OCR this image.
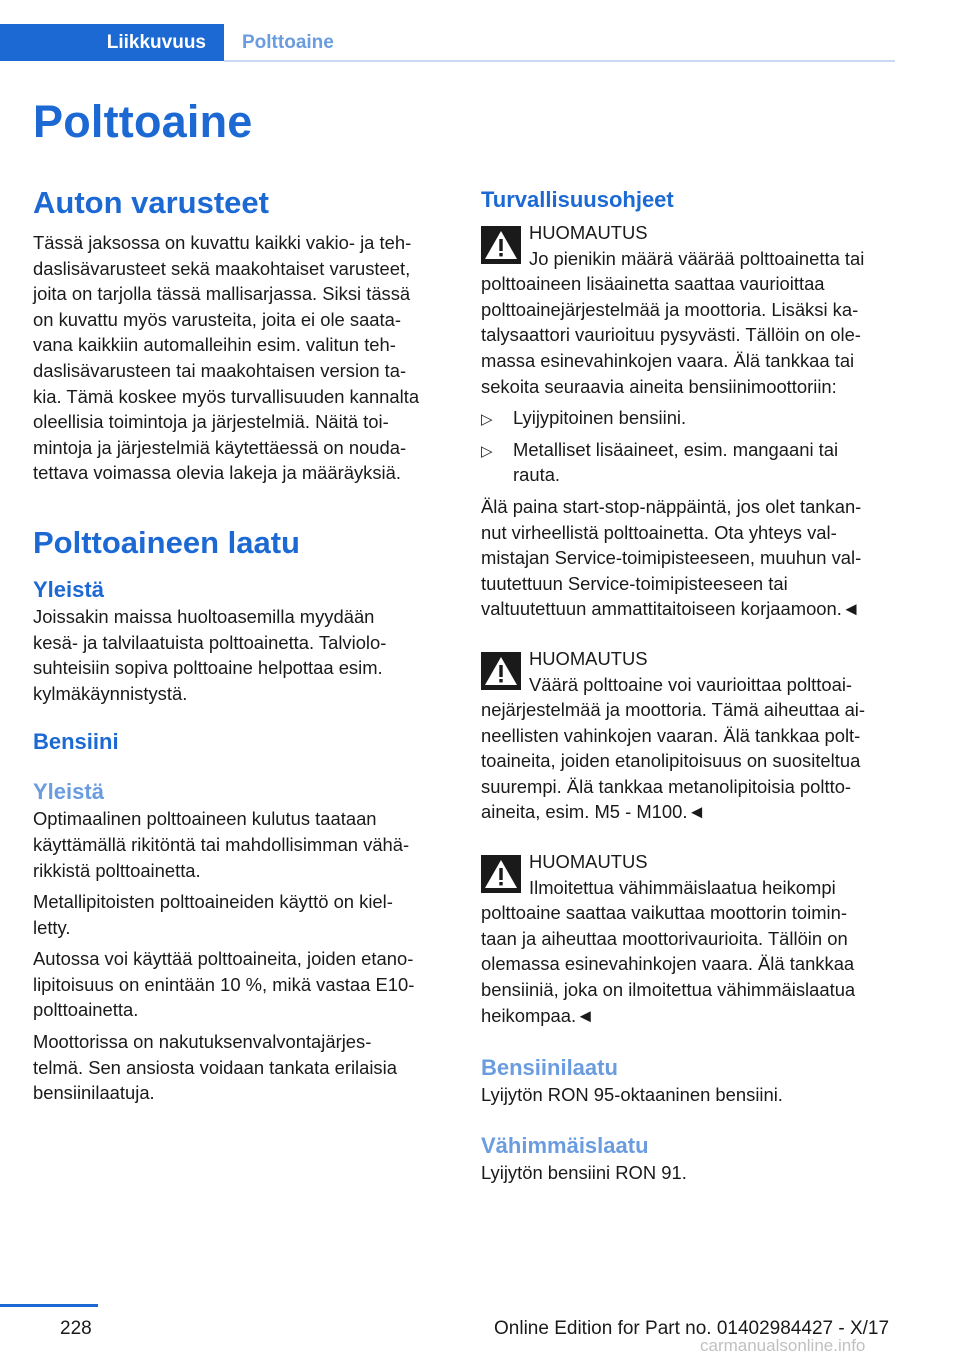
Liikkuvuus	Polttoaine
Polttoaine
Auton varusteet
Tässä jaksossa on kuvattu kaikki vakio- ja teh-
daslisävarusteet sekä maakohtaiset varusteet,
joita on tarjolla tässä mallisarjassa. Siksi tässä
on kuvattu myös varusteita, joita ei ole saata-
vana kaikkiin automalleihin esim. valitun teh-
daslisävarusteen tai maakohtaisen version ta-
kia. Tämä koskee myös turvallisuuden kannalta
oleellisia toimintoja ja järjestelmiä. Näitä toi-
mintoja ja järjestelmiä käytettäessä on nouda-
tettava voimassa olevia lakeja ja määräyksiä.
Polttoaineen laatu
Yleistä
Joissakin maissa huoltoasemilla myydään
kesä- ja talvilaatuista polttoainetta. Talviolo-
suhteisiin sopiva polttoaine helpottaa esim.
kylmäkäynnistystä.
Bensiini
Yleistä
Optimaalinen polttoaineen kulutus taataan
käyttämällä rikitöntä tai mahdollisimman vähä-
rikkistä polttoainetta.
Metallipitoisten polttoaineiden käyttö on kiel-
letty.
Autossa voi käyttää polttoaineita, joiden etano-
lipitoisuus on enintään 10 %, mikä vastaa E10-
polttoainetta.
Moottorissa on nakutuksenvalvontajärjes-
telmä. Sen ansiosta voidaan tankata erilaisia
bensiinilaatuja.
Turvallisuusohjeet
HUOMAUTUS
Jo pienikin määrä väärää polttoainetta tai
polttoaineen lisäainetta saattaa vaurioittaa
polttoainejärjestelmää ja moottoria. Lisäksi ka-
talysaattori vaurioituu pysyvästi. Tällöin on ole-
massa esinevahinkojen vaara. Älä tankkaa tai
sekoita seuraavia aineita bensiinimoottoriin:
▷ Lyijypitoinen bensiini.
▷ Metalliset lisäaineet, esim. mangaani tai
rauta.
Älä paina start-stop-näppäintä, jos olet tankan-
nut virheellistä polttoainetta. Ota yhteys val-
mistajan Service-toimipisteeseen, muuhun val-
tuutettuun Service-toimipisteeseen tai
valtuutettuun ammattitaitoiseen korjaamoon.◄
HUOMAUTUS
Väärä polttoaine voi vaurioittaa polttoai-
nejärjestelmää ja moottoria. Tämä aiheuttaa ai-
neellisten vahinkojen vaaran. Älä tankkaa polt-
toaineita, joiden etanolipitoisuus on suositeltua
suurempi. Älä tankkaa metanolipitoisia poltto-
aineita, esim. M5 - M100.◄
HUOMAUTUS
Ilmoitettua vähimmäislaatua heikompi
polttoaine saattaa vaikuttaa moottorin toimin-
taan ja aiheuttaa moottorivaurioita. Tällöin on
olemassa esinevahinkojen vaara. Älä tankkaa
bensiiniä, joka on ilmoitettua vähimmäislaatua
heikompaa.◄
Bensiinilaatu
Lyijytön RON 95-oktaaninen bensiini.
Vähimmäislaatu
Lyijytön bensiini RON 91.
228	Online Edition for Part no. 01402984427 - X/17
carmanualsonline.info
